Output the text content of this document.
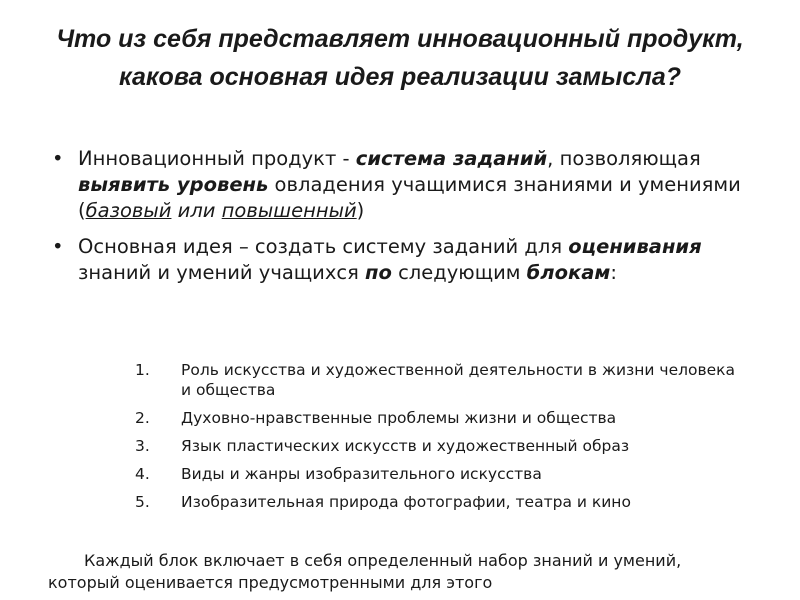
Что из себя представляет инновационный продукт, какова основная идея реализации замысла?

• Инновационный продукт - система заданий, позволяющая выявить уровень овладения учащимися знаниями и умениями (базовый или повышенный)

• Основная идея – создать систему заданий для оценивания знаний и умений учащихся по следующим блокам:

1. Роль искусства и художественной деятельности в жизни человека и общества
2. Духовно-нравственные проблемы жизни и общества
3. Язык пластических искусств и художественный образ
4. Виды и жанры изобразительного искусства
5. Изобразительная природа фотографии, театра и кино
Каждый блок включает в себя определенный набор знаний и умений, который оценивается предусмотренными для этого
